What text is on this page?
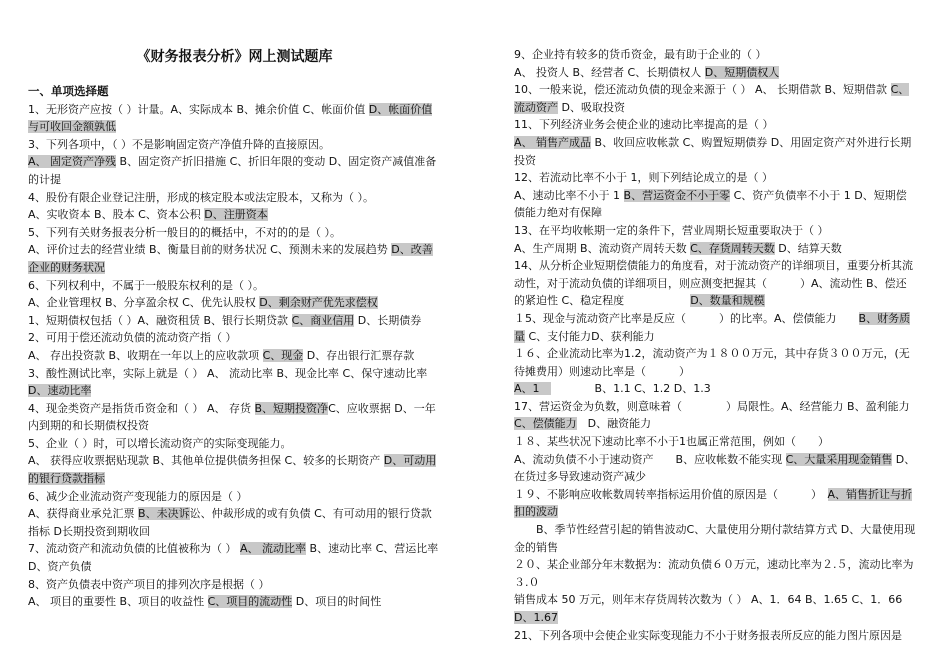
《财务报表分析》网上测试题库
一、单项选择题
1、无形资产应按（ ）计量。A、实际成本 B、摊余价值 C、帐面价值 D、帐面价值与可收回金额孰低
3、下列各项中，（ ）不是影响固定资产净值升降的直接原因。
A、 固定资产净残 B、固定资产折旧措施 C、折旧年限的变动 D、固定资产减值准备的计提
4、股份有限企业登记注册，形成的核定股本或法定股本，又称为（ ）。
A、实收资本 B、股本 C、资本公积 D、注册资本
5、下列有关财务报表分析一般目的的概括中，不对的的是（ ）。
A、评价过去的经营业绩 B、衡量目前的财务状况 C、预测未来的发展趋势 D、改善企业的财务状况
6、下列权利中，不属于一般股东权利的是（ ）。
A、企业管理权 B、分享盈余权 C、优先认股权 D、剩余财产优先求偿权
1、短期债权包括（ ）A、融资租赁 B、银行长期贷款 C、商业信用 D、长期债券
2、可用于偿还流动负债的流动资产指（ ）
A、 存出投资款 B、收期在一年以上的应收款项 C、现金 D、存出银行汇票存款
3、酸性测试比率，实际上就是（ ） A、 流动比率 B、现金比率 C、保守速动比率 D、速动比率
4、现金类资产是指货币资金和（ ） A、 存货 B、短期投资净C、应收票据 D、一年内到期的和长期债权投资
5、企业（ ）时，可以增长流动资产的实际变现能力。
A、 获得应收票据贴现款 B、其他单位提供债务担保 C、较多的长期资产 D、可动用的银行贷款指标
6、减少企业流动资产变现能力的原因是（ ）
A、获得商业承兑汇票 B、未决诉讼、仲裁形成的或有负债 C、有可动用的银行贷款指标 D长期投资到期收回
7、流动资产和流动负债的比值被称为（ ） A、 流动比率 B、速动比率 C、营运比率 D、资产负债
8、资产负债表中资产项目的排列次序是根据（ ）
A、 项目的重要性 B、项目的收益性 C、项目的流动性 D、项目的时间性
9、企业持有较多的货币资金，最有助于企业的（ ）
A、 投资人 B、经营者 C、长期债权人 D、短期债权人
10、一般来说，偿还流动负债的现金来源于（ ） A、 长期借款 B、短期借款 C、流动资产 D、吸取投资
11、下列经济业务会使企业的速动比率提高的是（ ）
A、 销售产成品 B、收回应收帐款 C、购置短期债券 D、用固定资产对外进行长期投资
12、若流动比率不小于 1，则下列结论成立的是（ ）
A、速动比率不小于 1 B、营运资金不小于零 C、资产负债率不小于 1 D、短期偿债能力绝对有保障
13、在平均收帐期一定的条件下，营业周期长短重要取决于（ ）
A、生产周期 B、流动资产周转天数 C、存货周转天数 D、结算天数
14、从分析企业短期偿债能力的角度看，对于流动资产的详细项目，重要分析其流动性，对于流动负债的详细项目，则应测变把握其（　　　）A、流动性 B、偿还的紧迫性 C、稳定程度　　　　　　D、数量和规模
１5、现金与流动资产比率是反应（　　　）的比率。A、偿债能力　　B、财务质量 C、支付能力D、获利能力
１６、企业流动比率为1.2，流动资产为１８００万元，其中存货３００万元，(无待摊费用）则速动比率是（　　　）
A、1　　　　　B、1.1 C、1.2 D、1.3
17、营运资金为负数，则意味着（　　　　）局限性。A、经营能力 B、盈利能力 C、偿债能力　D、融资能力
１８、某些状况下速动比率不小于1也属正常范围，例如（　　）
A、流动负债不小于速动资产　　B、应收帐数不能实现 C、大量采用现金销售 D、在货过多导致速动资产减少
１９、不影响应收帐数周转率指标运用价值的原因是（　　　）　A、销售折让与折扣的波动
　　B、季节性经营引起的销售波动C、大量使用分期付款结算方式 D、大量使用现金的销售
２０、某企业部分年末数据为：流动负债６０万元，速动比率为２.５，流动比率为３.０
销售成本 50 万元，则年末存货周转次数为（ ） A、1．64 B、1.65 C、1．66 D、1.67
21、下列各项中会使企业实际变现能力不小于财务报表所反应的能力图片原因是
